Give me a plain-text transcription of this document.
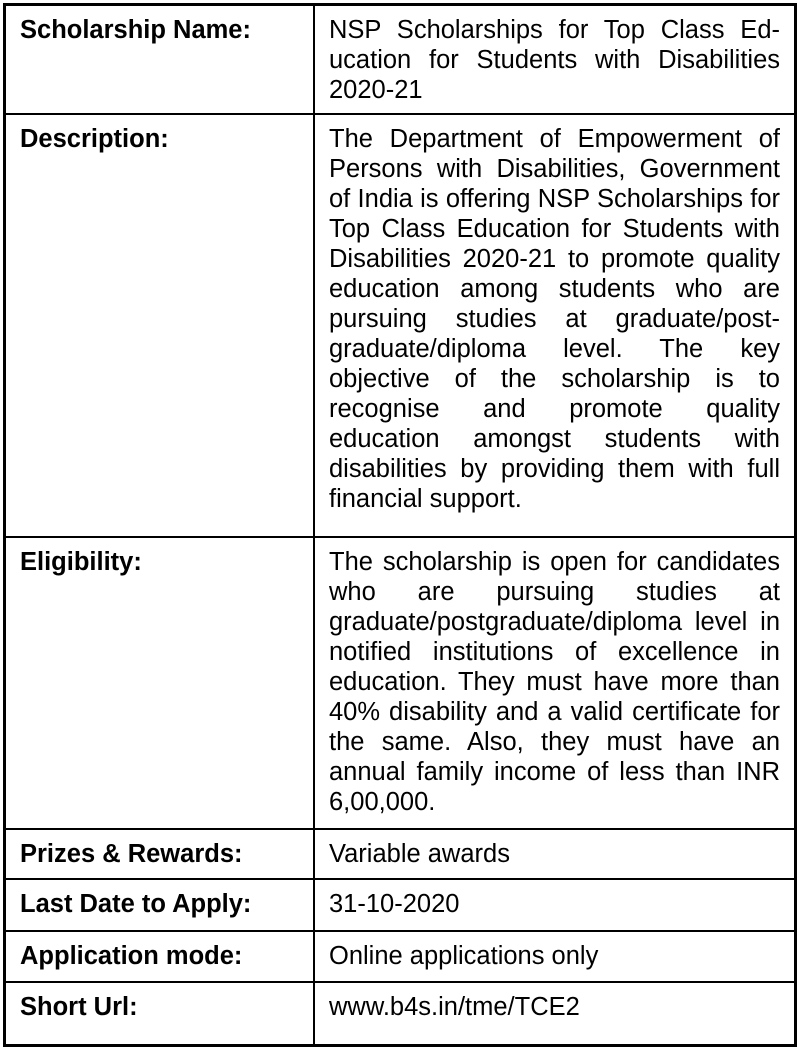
Scholarship Name:	NSP Scholarships for Top Class Education for Students with Disabilities 2020-21
Description:	The Department of Empowerment of Persons with Disabilities, Government of India is offering NSP Scholarships for Top Class Education for Students with Disabilities 2020-21 to promote quality education among students who are pursuing studies at graduate/post-graduate/diploma level. The key objective of the scholarship is to recognise and promote quality education amongst students with disabilities by providing them with full financial support.
Eligibility:	The scholarship is open for candidates who are pursuing studies at graduate/postgraduate/diploma level in notified institutions of excellence in education. They must have more than 40% disability and a valid certificate for the same. Also, they must have an annual family income of less than INR 6,00,000.
Prizes & Rewards:	Variable awards
Last Date to Apply:	31-10-2020
Application mode:	Online applications only
Short Url:	www.b4s.in/tme/TCE2
